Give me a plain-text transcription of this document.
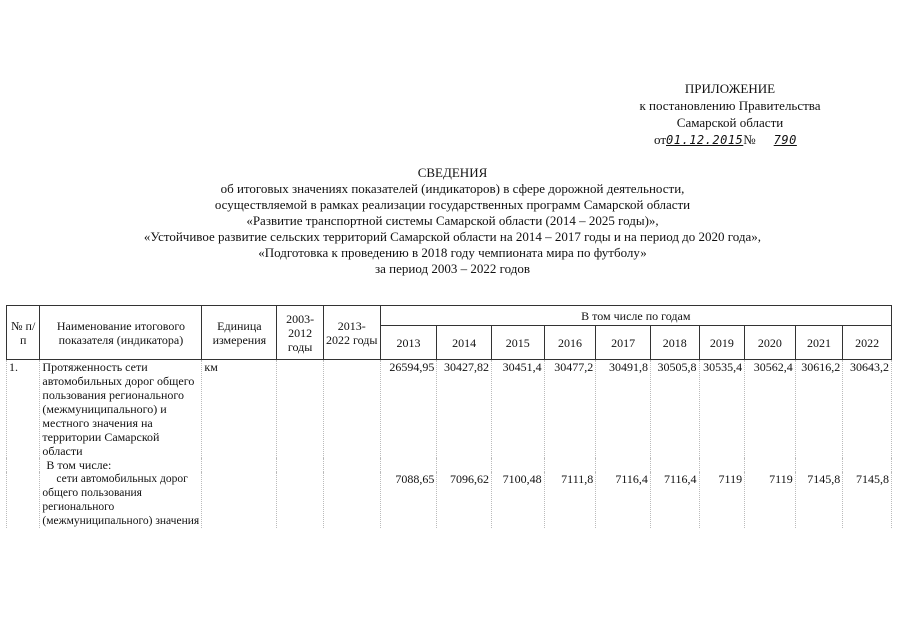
ПРИЛОЖЕНИЕ
к постановлению Правительства
Самарской области
от01.12.2015№ 790
СВЕДЕНИЯ
об итоговых значениях показателей (индикаторов) в сфере дорожной деятельности,
осуществляемой в рамках реализации государственных программ Самарской области
«Развитие транспортной системы Самарской области (2014 – 2025 годы)»,
«Устойчивое развитие сельских территорий Самарской области на 2014 – 2017 годы и на период до 2020 года»,
«Подготовка к проведению в 2018 году чемпионата мира по футболу»
за период 2003 – 2022 годов
№ п/п	Наименование итогового показателя (индикатора)	Единица измерения	2003-2012 годы	2013-2022 годы	В том числе по годам									
					2013	2014	2015	2016	2017	2018	2019	2020	2021	2022
1.	Протяженность сети автомобильных дорог общего пользования регионального (межмуниципального) и местного значения на территории Самарской области	км			26594,95	30427,82	30451,4	30477,2	30491,8	30505,8	30535,4	30562,4	30616,2	30643,2
	В том числе:													
	сети автомобильных дорог общего пользования регионального (межмуниципального) значения				7088,65	7096,62	7100,48	7111,8	7116,4	7116,4	7119	7119	7145,8	7145,8
